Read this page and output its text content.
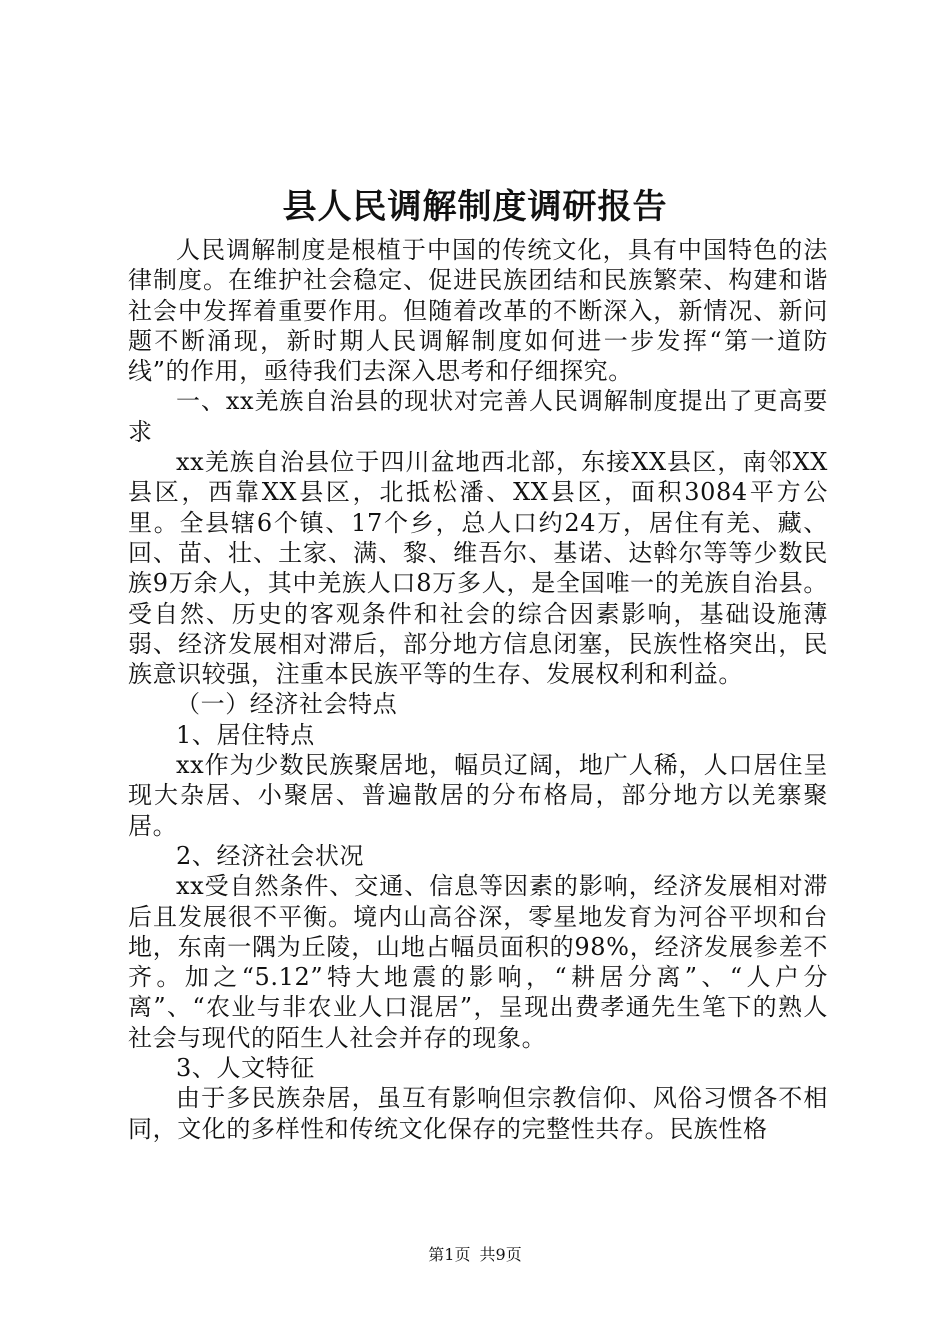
县人民调解制度调研报告

人民调解制度是根植于中国的传统文化，具有中国特色的法律制度。在维护社会稳定、促进民族团结和民族繁荣、构建和谐社会中发挥着重要作用。但随着改革的不断深入，新情况、新问题不断涌现，新时期人民调解制度如何进一步发挥“第一道防线”的作用，亟待我们去深入思考和仔细探究。

一、xx羌族自治县的现状对完善人民调解制度提出了更高要求

xx羌族自治县位于四川盆地西北部，东接XX县区，南邻XX县区，西靠XX县区，北抵松潘、XX县区，面积3084平方公里。全县辖6个镇、17个乡，总人口约24万，居住有羌、藏、回、苗、壮、土家、满、黎、维吾尔、基诺、达斡尔等等少数民族9万余人，其中羌族人口8万多人，是全国唯一的羌族自治县。受自然、历史的客观条件和社会的综合因素影响，基础设施薄弱、经济发展相对滞后，部分地方信息闭塞，民族性格突出，民族意识较强，注重本民族平等的生存、发展权利和利益。

（一）经济社会特点

1、居住特点

xx作为少数民族聚居地，幅员辽阔，地广人稀，人口居住呈现大杂居、小聚居、普遍散居的分布格局，部分地方以羌寨聚居。

2、经济社会状况

xx受自然条件、交通、信息等因素的影响，经济发展相对滞后且发展很不平衡。境内山高谷深，零星地发育为河谷平坝和台地，东南一隅为丘陵，山地占幅员面积的98%，经济发展参差不齐。加之“5.12”特大地震的影响，“耕居分离”、“人户分离”、“农业与非农业人口混居”，呈现出费孝通先生笔下的熟人社会与现代的陌生人社会并存的现象。

3、人文特征

由于多民族杂居，虽互有影响但宗教信仰、风俗习惯各不相同，文化的多样性和传统文化保存的完整性共存。民族性格

第1页 共9页
